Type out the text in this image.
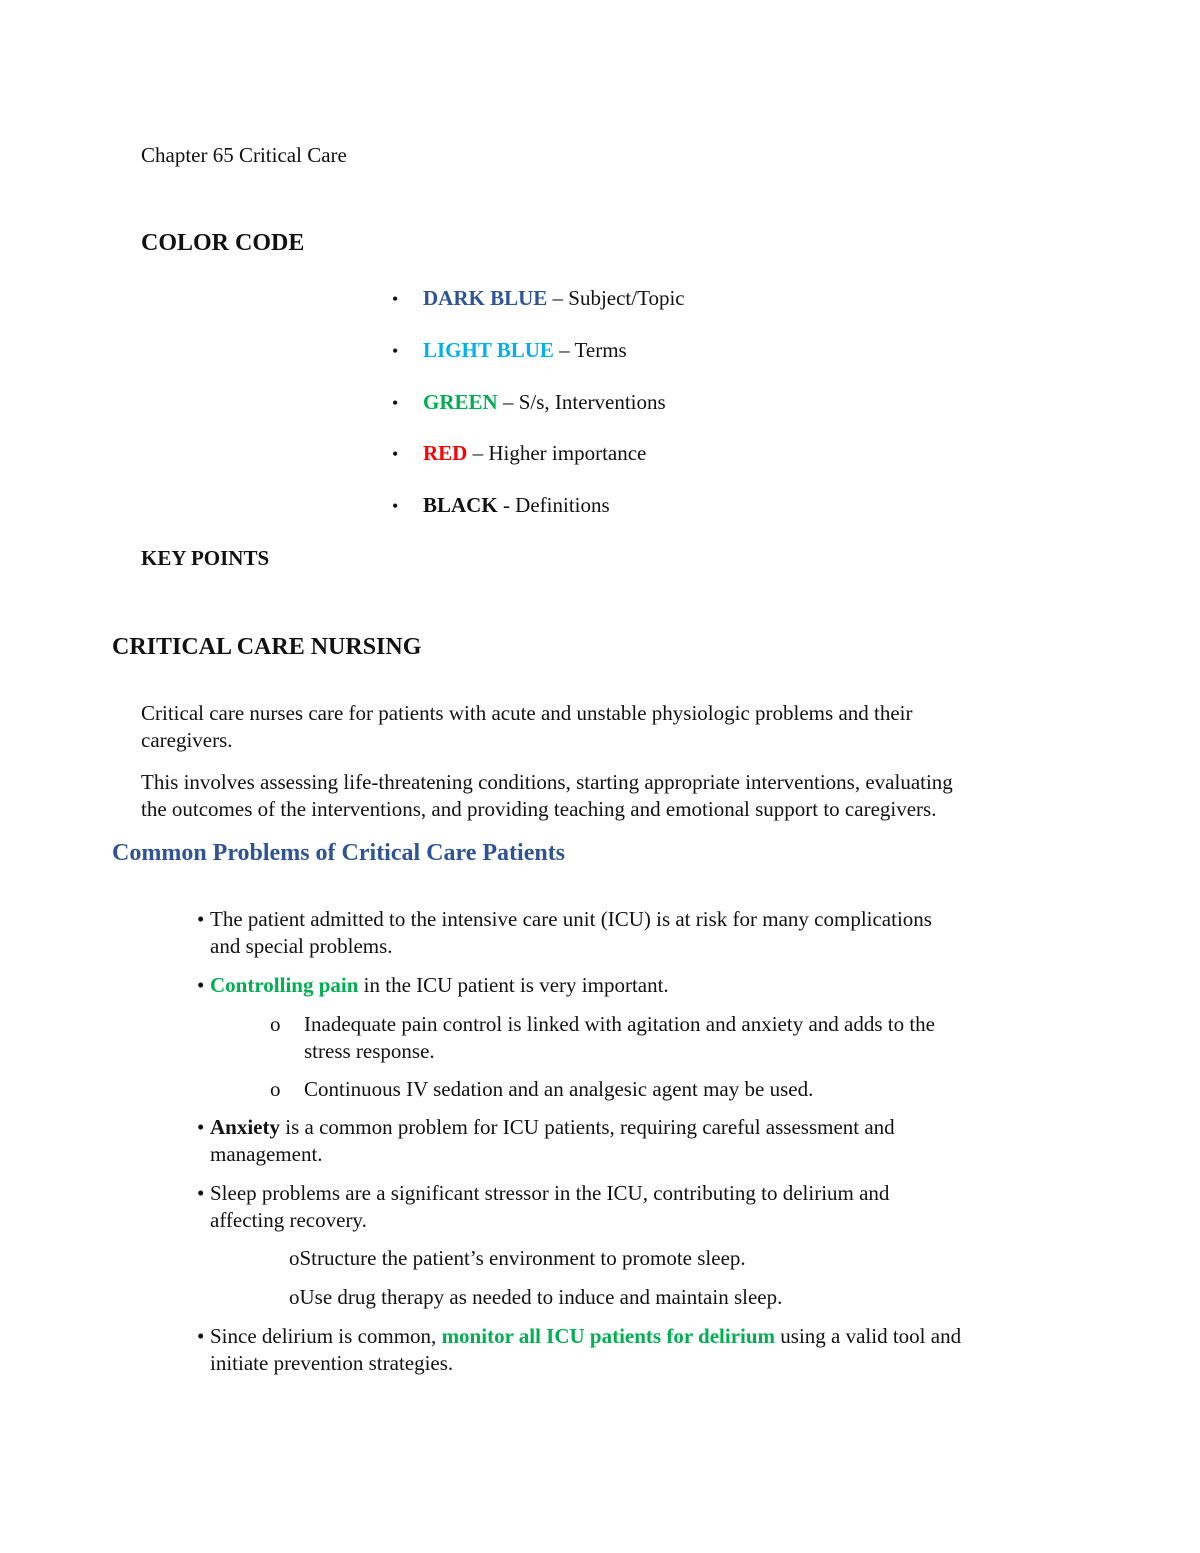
Chapter 65 Critical Care
COLOR CODE
• DARK BLUE – Subject/Topic
• LIGHT BLUE – Terms
• GREEN – S/s, Interventions
• RED – Higher importance
• BLACK - Definitions
KEY POINTS
CRITICAL CARE NURSING
Critical care nurses care for patients with acute and unstable physiologic problems and their
caregivers.
This involves assessing life-threatening conditions, starting appropriate interventions, evaluating
the outcomes of the interventions, and providing teaching and emotional support to caregivers.
Common Problems of Critical Care Patients
• The patient admitted to the intensive care unit (ICU) is at risk for many complications
and special problems.
• Controlling pain in the ICU patient is very important.
o Inadequate pain control is linked with agitation and anxiety and adds to the
stress response.
o Continuous IV sedation and an analgesic agent may be used.
• Anxiety is a common problem for ICU patients, requiring careful assessment and
management.
• Sleep problems are a significant stressor in the ICU, contributing to delirium and
affecting recovery.
oStructure the patient’s environment to promote sleep.
oUse drug therapy as needed to induce and maintain sleep.
• Since delirium is common, monitor all ICU patients for delirium using a valid tool and
initiate prevention strategies.
